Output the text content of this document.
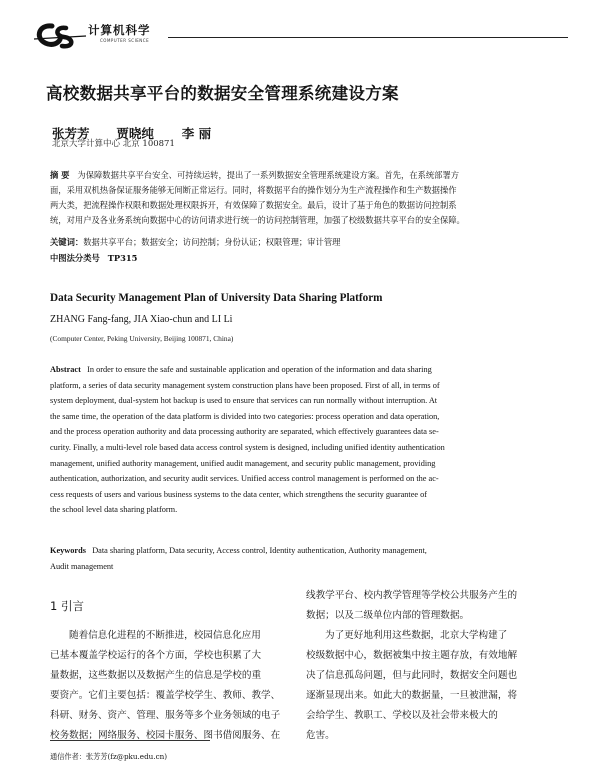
计算机科学
COMPUTER SCIENCE
高校数据共享平台的数据安全管理系统建设方案
张芳芳 贾晓纯 李 丽
北京大学计算中心 北京 100871
摘 要 为保障数据共享平台安全、可持续运转，提出了一系列数据安全管理系统建设方案。首先，在系统部署方
面，采用双机热备保证服务能够无间断正常运行。同时，将数据平台的操作划分为生产流程操作和生产数据操作
两大类，把流程操作权限和数据处理权限拆开，有效保障了数据安全。最后，设计了基于角色的数据访问控制系
统，对用户及各业务系统向数据中心的访问请求进行统一的访问控制管理，加强了校级数据共享平台的安全保障。
关键词：数据共享平台；数据安全；访问控制；身份认证；权限管理；审计管理
中图法分类号 TP315
Data Security Management Plan of University Data Sharing Platform
ZHANG Fang-fang, JIA Xiao-chun and LI Li
(Computer Center, Peking University, Beijing 100871, China)
Abstract In order to ensure the safe and sustainable application and operation of the information and data sharing
platform, a series of data security management system construction plans have been proposed. First of all, in terms of
system deployment, dual-system hot backup is used to ensure that services can run normally without interruption. At
the same time, the operation of the data platform is divided into two categories: process operation and data operation,
and the process operation authority and data processing authority are separated, which effectively guarantees data se-
curity. Finally, a multi-level role based data access control system is designed, including unified identity authentication
management, unified authority management, unified audit management, and security public management, providing
authentication, authorization, and security audit services. Unified access control management is performed on the ac-
cess requests of users and various business systems to the data center, which strengthens the security guarantee of
the school level data sharing platform.
Keywords Data sharing platform, Data security, Access control, Identity authentication, Authority management,
Audit management
1 引言
随着信息化进程的不断推进，校园信息化应用
已基本覆盖学校运行的各个方面，学校也积累了大
量数据，这些数据以及数据产生的信息是学校的重
要资产。它们主要包括：覆盖学校学生、教师、教学、
科研、财务、资产、管理、服务等多个业务领域的电子
校务数据；网络服务、校园卡服务、图书借阅服务、在
线教学平台、校内教学管理等学校公共服务产生的
数据；以及二级单位内部的管理数据。
为了更好地利用这些数据，北京大学构建了
校级数据中心，数据被集中按主题存放，有效地解
决了信息孤岛问题，但与此同时，数据安全问题也
逐渐显现出来。如此大的数据量，一旦被泄漏，将
会给学生、教职工、学校以及社会带来极大的
危害。
通信作者：张芳芳(fz@pku.edu.cn)
